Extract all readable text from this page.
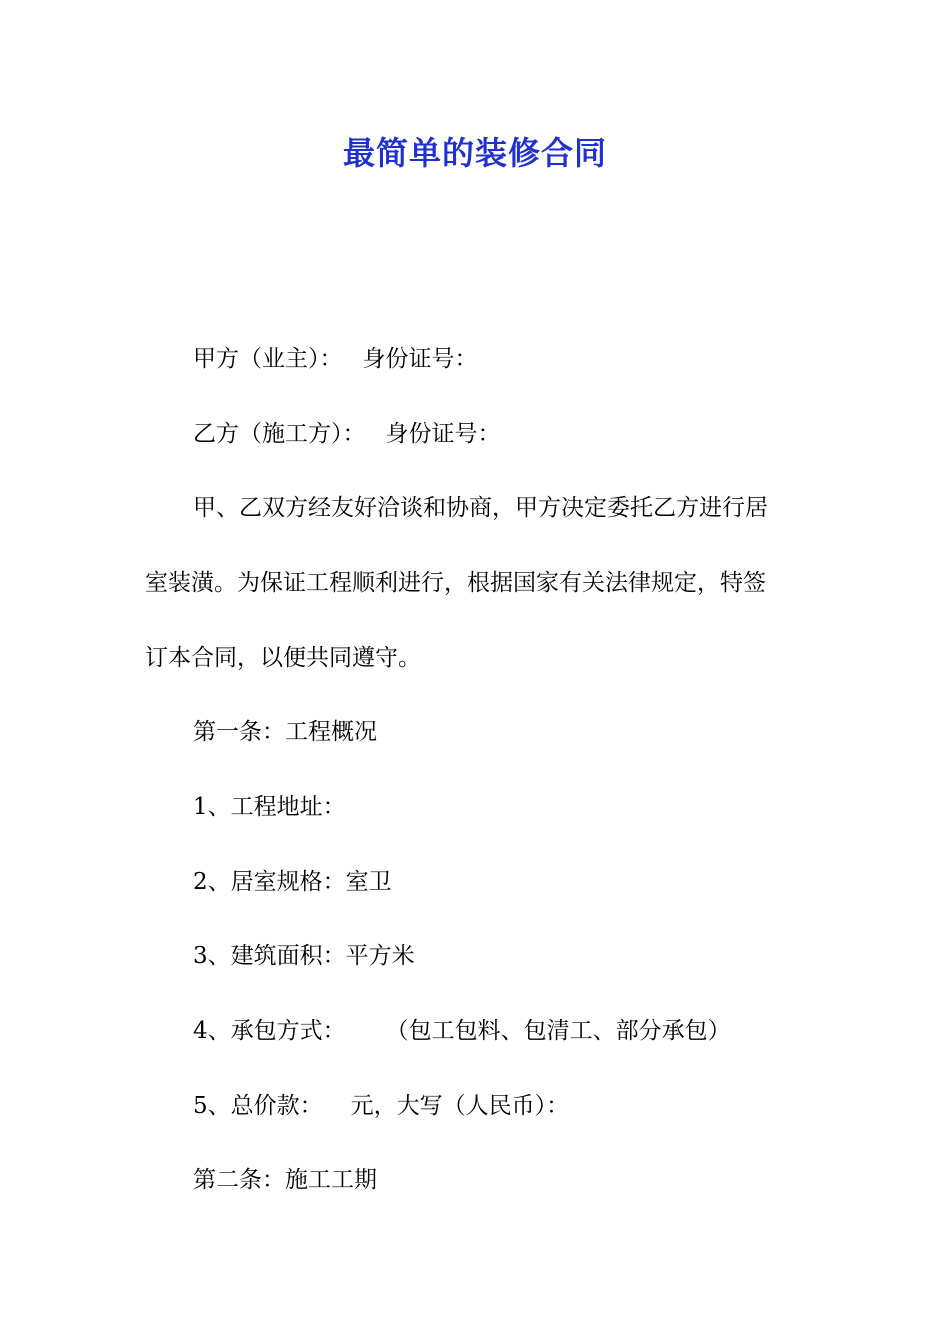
最简单的装修合同

甲方（业主）： 身份证号：

乙方（施工方）： 身份证号：

甲、乙双方经友好洽谈和协商，甲方决定委托乙方进行居

室装潢。为保证工程顺利进行，根据国家有关法律规定，特签

订本合同，以便共同遵守。

第一条：工程概况

1、工程地址：

2、居室规格：室卫

3、建筑面积：平方米

4、承包方式： （包工包料、包清工、部分承包）

5、总价款： 元，大写（人民币）：

第二条：施工工期
